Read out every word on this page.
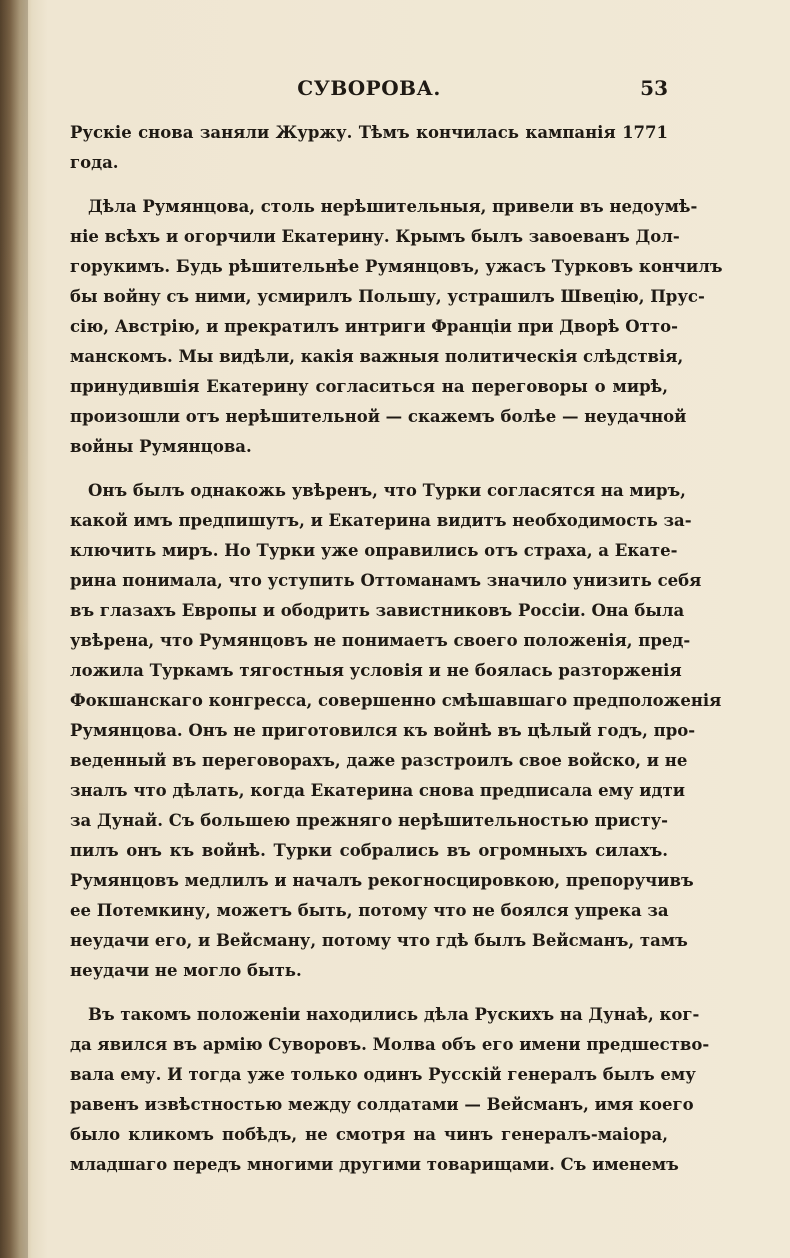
СУВОРОВА.	53
Руcкіе снова заняли Журжу. Тѣмъ кончилась кампанія 1771
года.
Дѣла Румянцова, столь нерѣшительныя, привели въ недоумѣ-
ніе всѣхъ и огорчили Екатерину. Крымъ былъ завоеванъ Дол-
горукимъ. Будь рѣшительнѣе Румянцовъ, ужасъ Турковъ кончилъ
бы войну съ ними, усмирилъ Польшу, устрашилъ Швецію, Прус-
сію, Австрію, и прекратилъ интриги Франціи при Дворѣ Отто-
манскомъ. Мы видѣли, какія важныя политическія слѣдствія,
принудившія Екатерину согласиться на переговоры о мирѣ,
произошли отъ нерѣшительной — скажемъ болѣе — неудачной
войны Румянцова.
Онъ былъ однакожь увѣренъ, что Турки согласятся на миръ,
какой имъ предпишутъ, и Екатерина видитъ необходимость за-
ключить миръ. Но Турки уже оправились отъ страха, а Екате-
рина понимала, что уступить Оттоманамъ значило унизить себя
въ глазахъ Европы и ободрить завистниковъ Россіи. Она была
увѣрена, что Румянцовъ не понимаетъ своего положенія, пред-
ложила Туркамъ тягостныя условія и не боялась разторженія
Фокшанскаго конгресса, совершенно смѣшавшаго предположенія
Румянцова. Онъ не приготовился къ войнѣ въ цѣлый годъ, про-
веденный въ переговорахъ, даже разстроилъ свое войско, и не
зналъ что дѣлать, когда Екатерина снова предписала ему идти
за Дунай. Съ большею прежняго нерѣшительностью присту-
пилъ онъ къ войнѣ. Турки собрались въ огромныхъ силахъ.
Румянцовъ медлилъ и началъ рекогносцировкою, препоручивъ
ее Потемкину, можетъ быть, потому что не боялся упрека за
неудачи его, и Вейсману, потому что гдѣ былъ Вейсманъ, тамъ
неудачи не могло быть.
Въ такомъ положеніи находились дѣла Рускихъ на Дунаѣ, ког-
да явился въ армію Суворовъ. Молва объ его имени предшество-
вала ему. И тогда уже только одинъ Русскій генералъ былъ ему
равенъ извѣстностью между солдатами — Вейсманъ, имя коего
было кликомъ побѣдъ, не смотря на чинъ генералъ-маіора,
младшаго передъ многими другими товарищами. Съ именемъ
